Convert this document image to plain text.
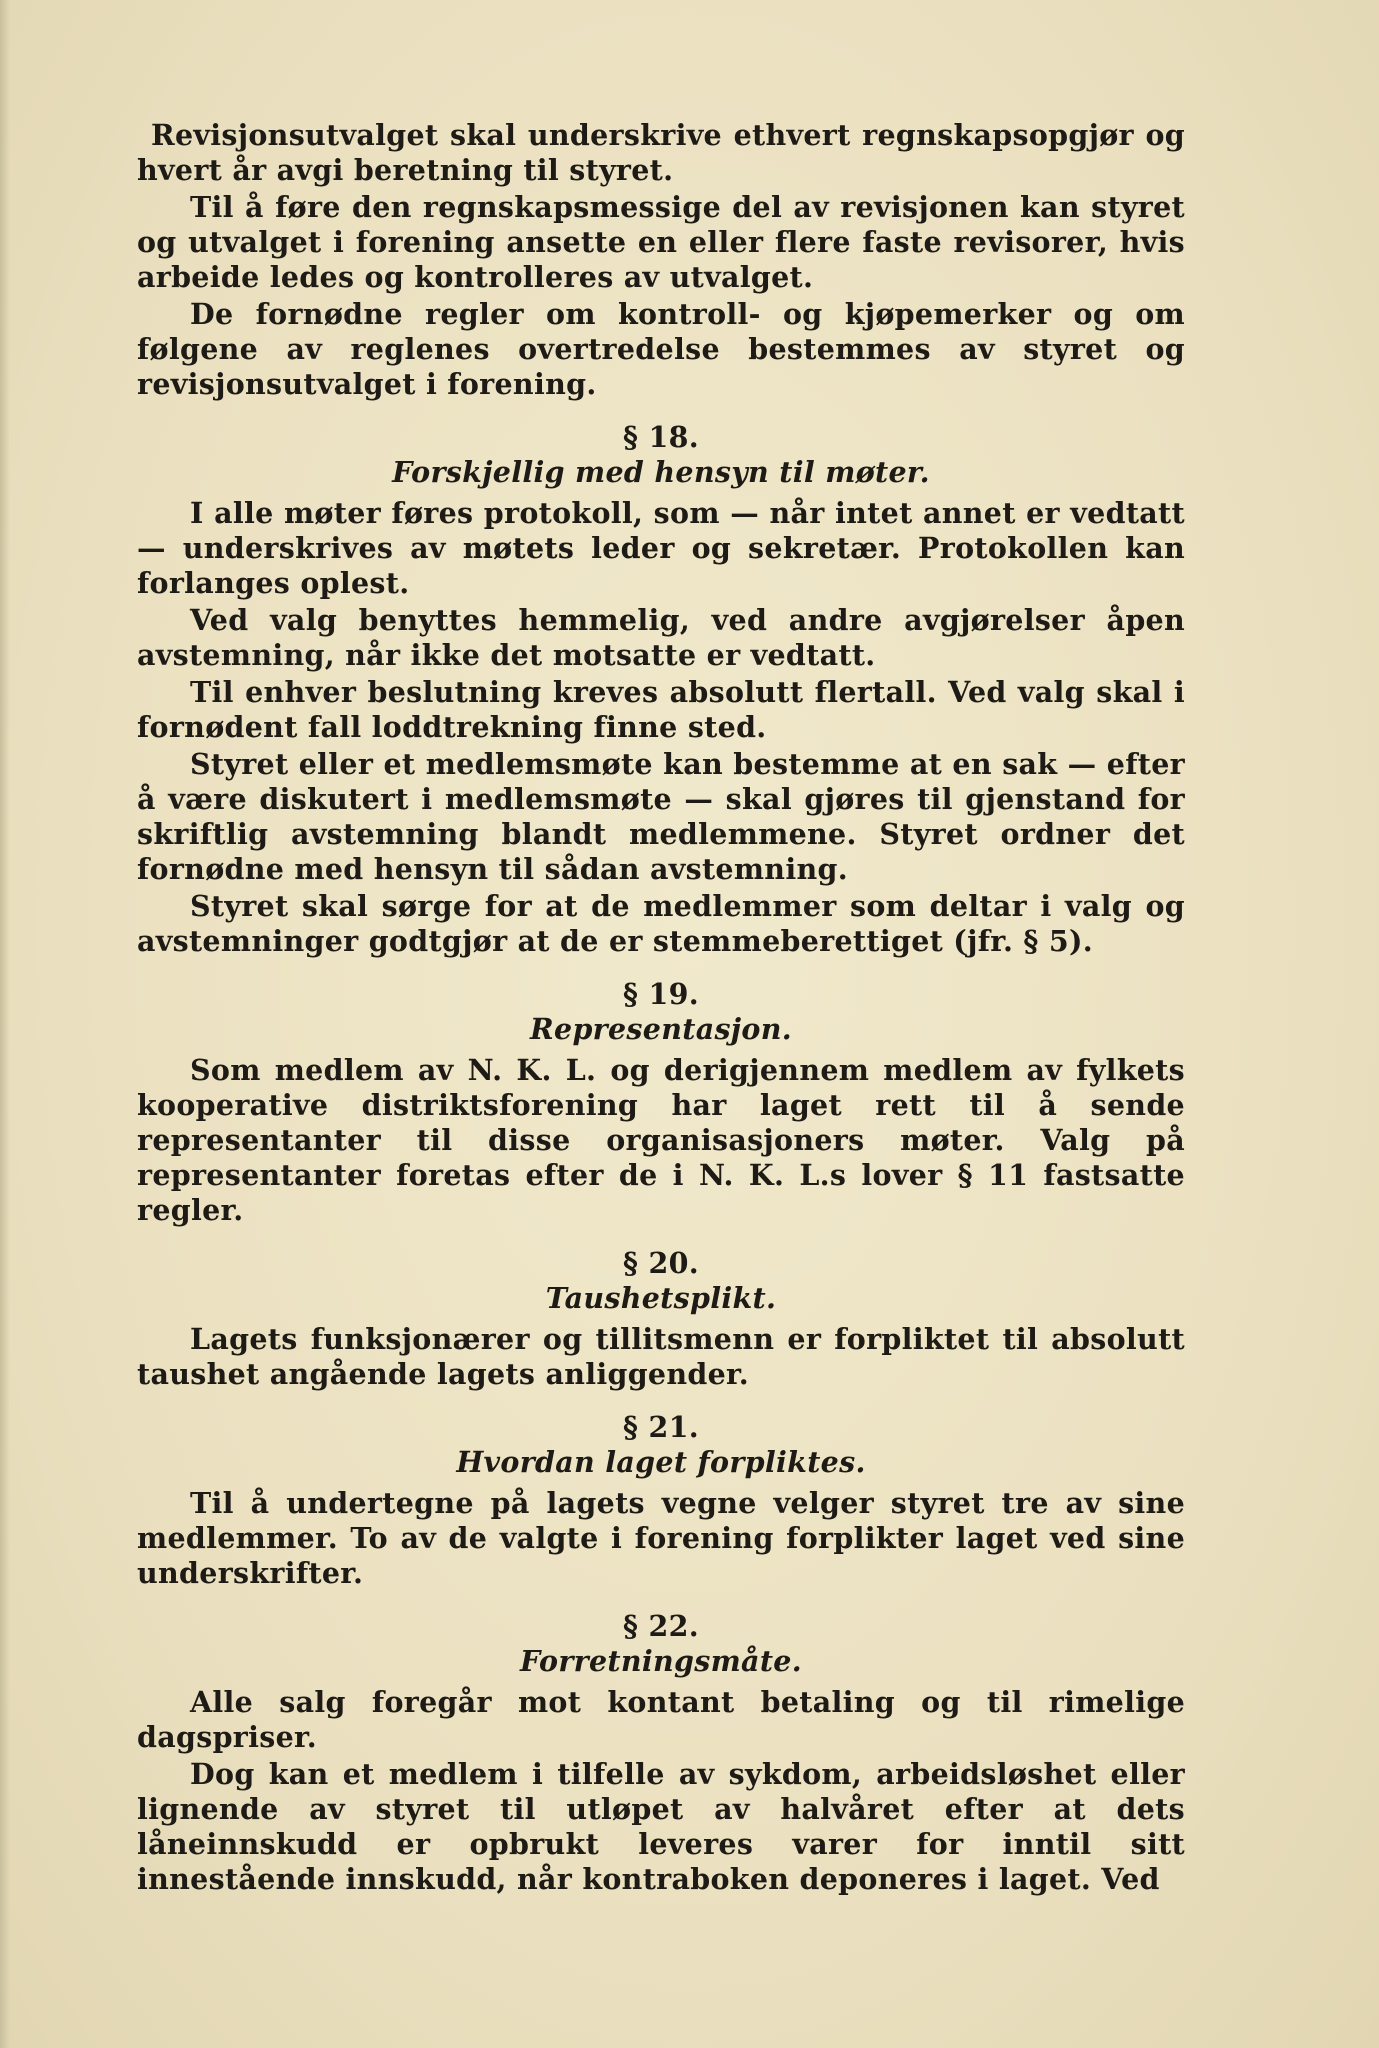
Revisjonsutvalget skal underskrive ethvert regnskapsopgjør og hvert år avgi beretning til styret.

Til å føre den regnskapsmessige del av revisjonen kan styret og utvalget i forening ansette en eller flere faste revisorer, hvis arbeide ledes og kontrolleres av utvalget.

De fornødne regler om kontroll- og kjøpemerker og om følgene av reglenes overtredelse bestemmes av styret og revisjonsutvalget i forening.

§ 18.

Forskjellig med hensyn til møter.

I alle møter føres protokoll, som — når intet annet er vedtatt — underskrives av møtets leder og sekretær. Protokollen kan forlanges oplest.

Ved valg benyttes hemmelig, ved andre avgjørelser åpen avstemning, når ikke det motsatte er vedtatt.

Til enhver beslutning kreves absolutt flertall. Ved valg skal i fornødent fall loddtrekning finne sted.

Styret eller et medlemsmøte kan bestemme at en sak — efter å være diskutert i medlemsmøte — skal gjøres til gjenstand for skriftlig avstemning blandt medlemmene. Styret ordner det fornødne med hensyn til sådan avstemning.

Styret skal sørge for at de medlemmer som deltar i valg og avstemninger godtgjør at de er stemmeberettiget (jfr. § 5).

§ 19.

Representasjon.

Som medlem av N. K. L. og derigjennem medlem av fylkets kooperative distriktsforening har laget rett til å sende representanter til disse organisasjoners møter. Valg på representanter foretas efter de i N. K. L.s lover § 11 fastsatte regler.

§ 20.

Taushetsplikt.

Lagets funksjonærer og tillitsmenn er forpliktet til absolutt taushet angående lagets anliggender.

§ 21.

Hvordan laget forpliktes.

Til å undertegne på lagets vegne velger styret tre av sine medlemmer. To av de valgte i forening forplikter laget ved sine underskrifter.

§ 22.

Forretningsmåte.

Alle salg foregår mot kontant betaling og til rimelige dagspriser.

Dog kan et medlem i tilfelle av sykdom, arbeidsløshet eller lignende av styret til utløpet av halvåret efter at dets låneinnskudd er opbrukt leveres varer for inntil sitt innestående innskudd, når kontraboken deponeres i laget. Ved
